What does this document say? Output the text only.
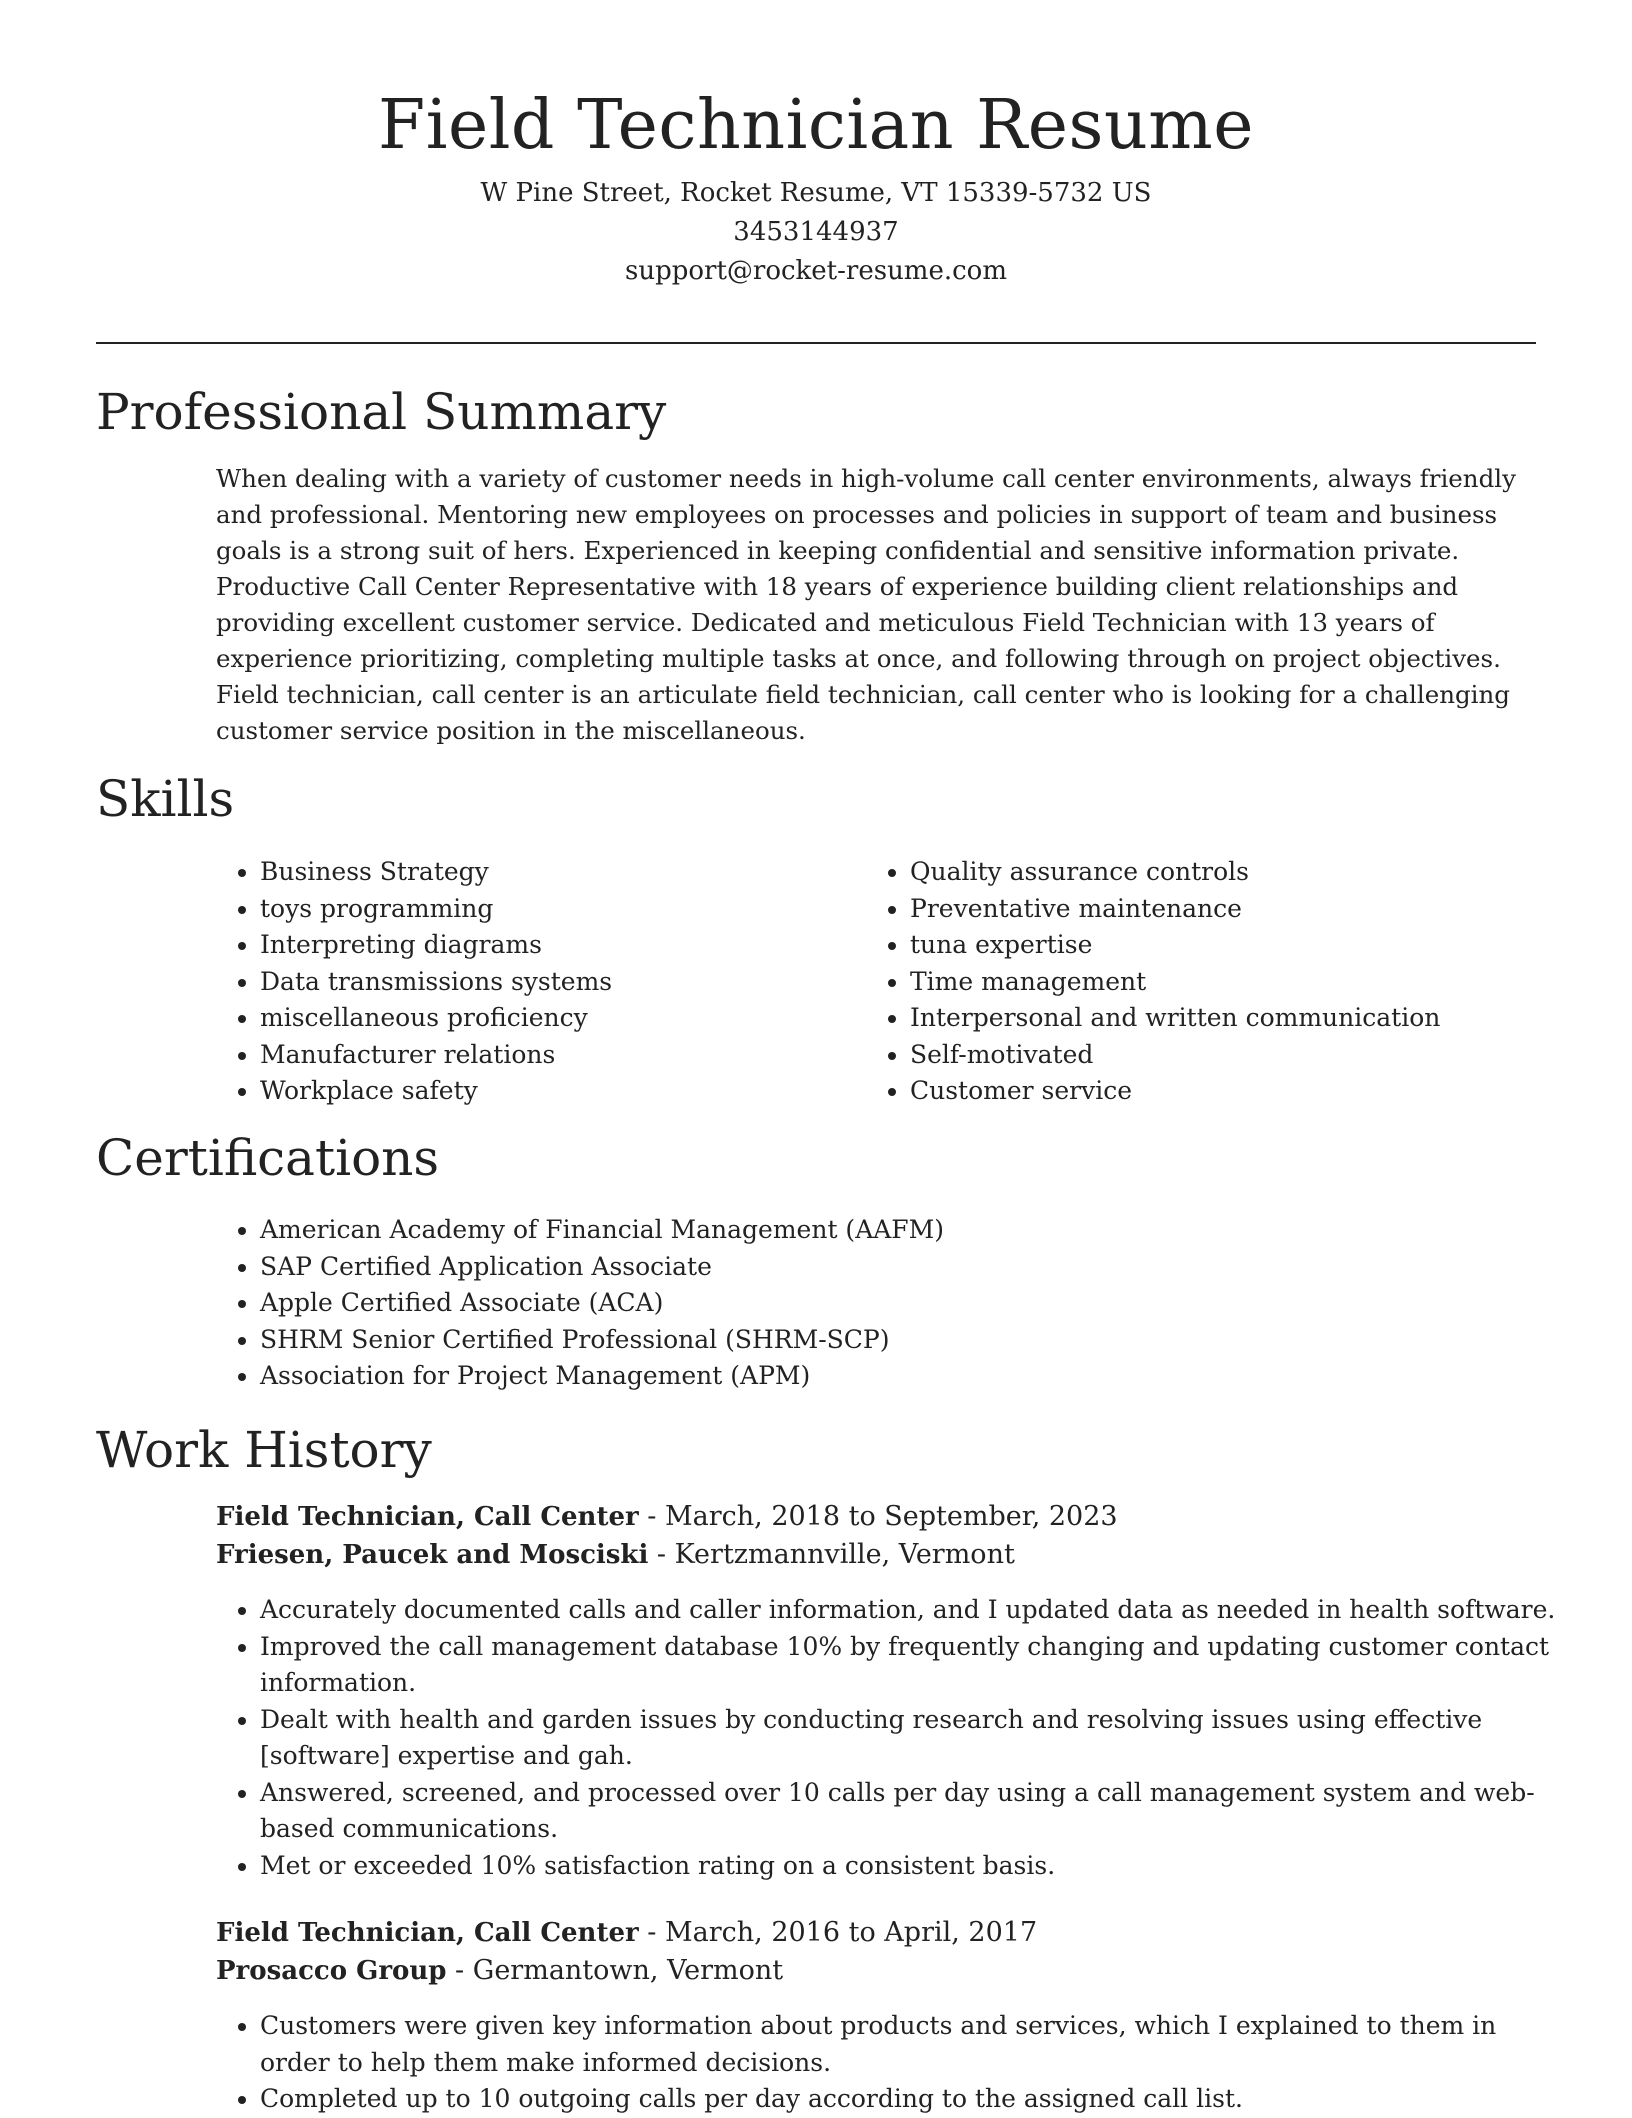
Field Technician Resume

W Pine Street, Rocket Resume, VT 15339-5732 US

3453144937

support@rocket-resume.com

Professional Summary

When dealing with a variety of customer needs in high-volume call center environments, always friendly and professional. Mentoring new employees on processes and policies in support of team and business goals is a strong suit of hers. Experienced in keeping confidential and sensitive information private. Productive Call Center Representative with 18 years of experience building client relationships and providing excellent customer service. Dedicated and meticulous Field Technician with 13 years of experience prioritizing, completing multiple tasks at once, and following through on project objectives. Field technician, call center is an articulate field technician, call center who is looking for a challenging customer service position in the miscellaneous.

Skills
• Business Strategy
• toys programming
• Interpreting diagrams
• Data transmissions systems
• miscellaneous proficiency
• Manufacturer relations
• Workplace safety
• Quality assurance controls
• Preventative maintenance
• tuna expertise
• Time management
• Interpersonal and written communication
• Self-motivated
• Customer service
Certifications
• American Academy of Financial Management (AAFM)
• SAP Certified Application Associate
• Apple Certified Associate (ACA)
• SHRM Senior Certified Professional (SHRM-SCP)
• Association for Project Management (APM)
Work History

Field Technician, Call Center - March, 2018 to September, 2023

Friesen, Paucek and Mosciski - Kertzmannville, Vermont

• Accurately documented calls and caller information, and I updated data as needed in health software.
• Improved the call management database 10% by frequently changing and updating customer contact information.
• Dealt with health and garden issues by conducting research and resolving issues using effective [software] expertise and gah.
• Answered, screened, and processed over 10 calls per day using a call management system and web-based communications.
• Met or exceeded 10% satisfaction rating on a consistent basis.

Field Technician, Call Center - March, 2016 to April, 2017

Prosacco Group - Germantown, Vermont

• Customers were given key information about products and services, which I explained to them in order to help them make informed decisions.
• Completed up to 10 outgoing calls per day according to the assigned call list.
